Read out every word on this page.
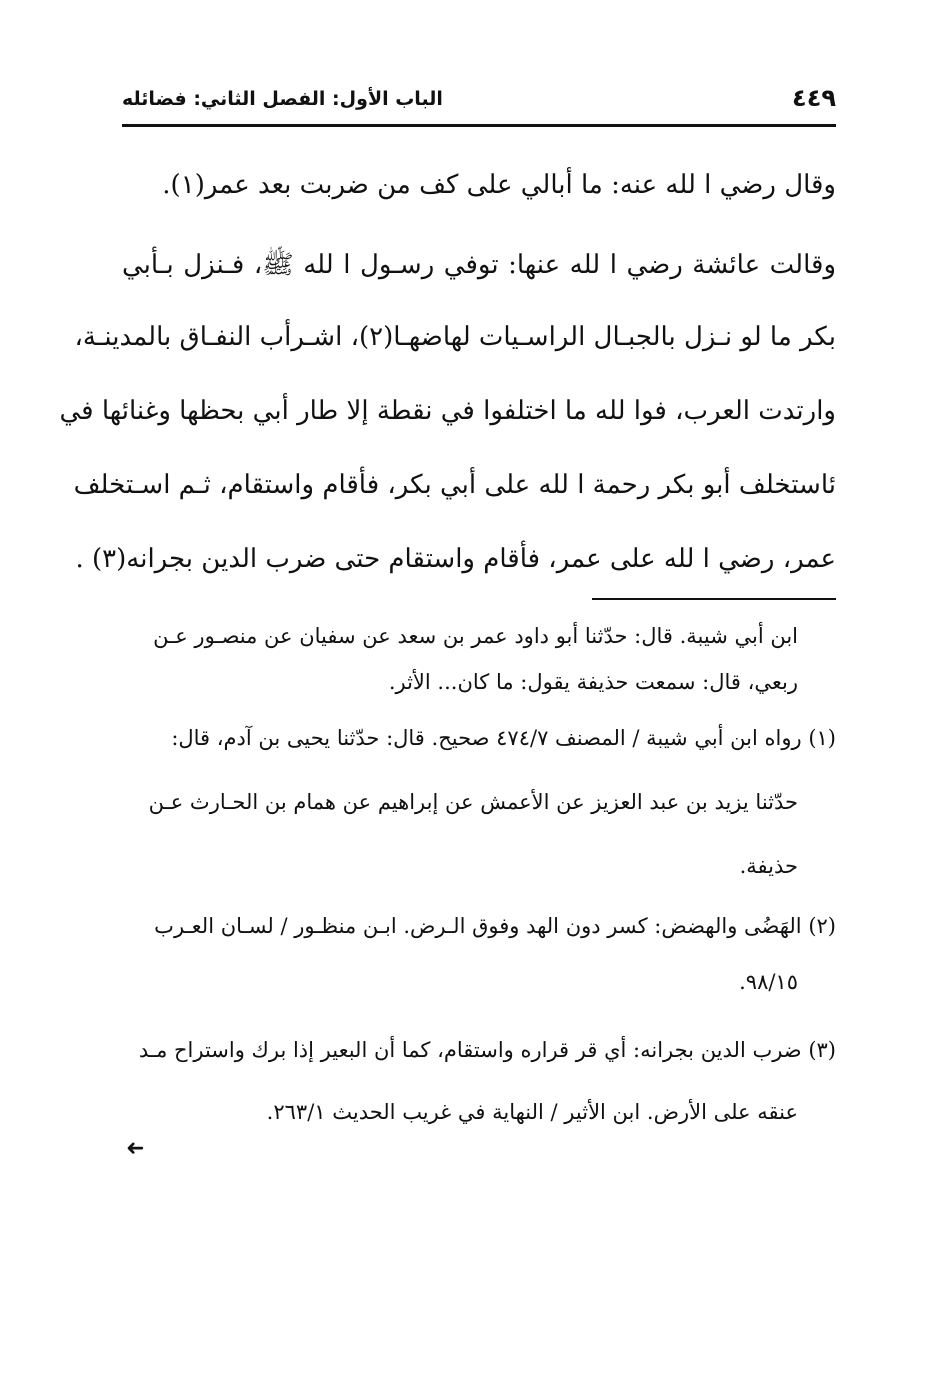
٤٤٩
الباب الأول: الفصل الثاني: فضائله
وقال رضي ا لله عنه: ما أبالي على كف من ضربت بعد عمر(١).
وقالت عائشة رضي ا لله عنها: توفي رسـول ا لله ﷺ، فـنزل بـأبي
بكر ما لو نـزل بالجبـال الراسـيات لهاضهـا(٢)، اشـرأب النفـاق بالمدينـة،
وارتدت العرب، فوا لله ما اختلفوا في نقطة إلا طار أبي بحظها وغنائها في
ئاستخلف أبو بكر رحمة ا لله على أبي بكر، فأقام واستقام، ثـم اسـتخلف
عمر، رضي ا لله على عمر، فأقام واستقام حتى ضرب الدين بجرانه(٣) .
ابن أبي شيبة. قال: حدّثنا أبو داود عمر بن سعد عن سفيان عن منصـور عـن
ربعي، قال: سمعت حذيفة يقول: ما كان... الأثر.
(١) رواه ابن أبي شيبة / المصنف ٤٧٤/٧ صحيح. قال: حدّثنا يحيى بن آدم، قال:
حدّثنا يزيد بن عبد العزيز عن الأعمش عن إبراهيم عن همام بن الحـارث عـن
حذيفة.
(٢) الهَضُى والهضض: كسر دون الهد وفوق الـرض. ابـن منظـور / لسـان العـرب
٩٨/١٥.
(٣) ضرب الدين بجرانه: أي قر قراره واستقام، كما أن البعير إذا برك واستراح مـد
عنقه على الأرض. ابن الأثير / النهاية في غريب الحديث ٢٦٣/١.
➜
